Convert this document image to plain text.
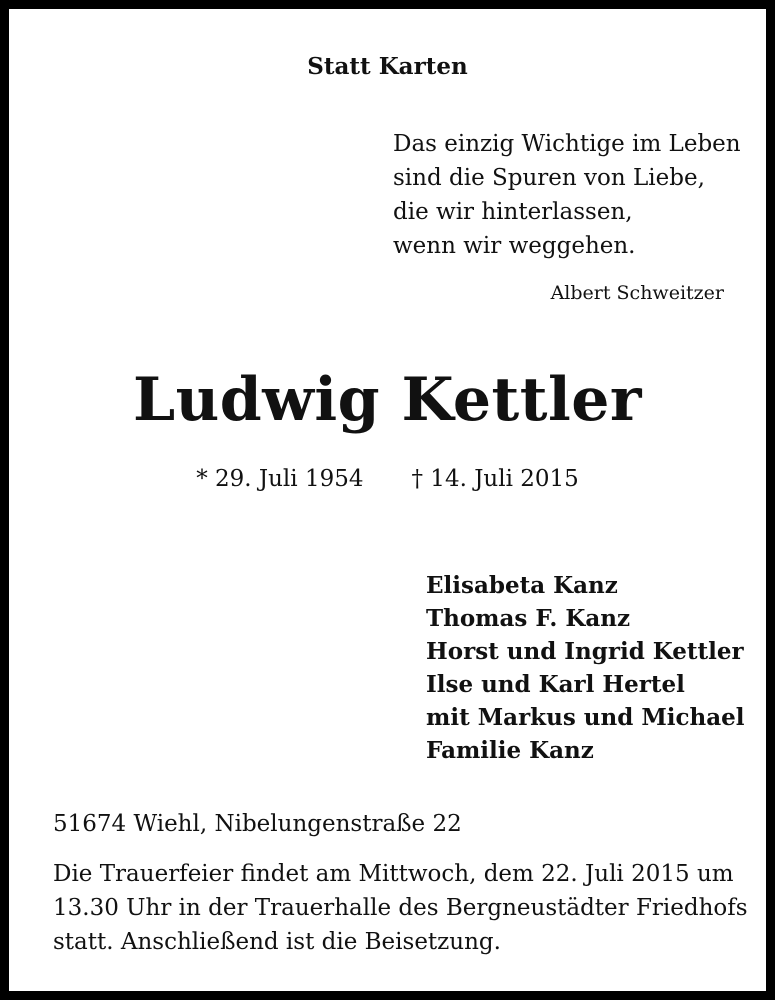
Statt Karten
Das einzig Wichtige im Leben
sind die Spuren von Liebe,
die wir hinterlassen,
wenn wir weggehen.
Albert Schweitzer
Ludwig Kettler
* 29. Juli 1954 † 14. Juli 2015
Elisabeta Kanz
Thomas F. Kanz
Horst und Ingrid Kettler
Ilse und Karl Hertel
mit Markus und Michael
Familie Kanz
51674 Wiehl, Nibelungenstraße 22
Die Trauerfeier findet am Mittwoch, dem 22. Juli 2015 um
13.30 Uhr in der Trauerhalle des Bergneustädter Friedhofs
statt. Anschließend ist die Beisetzung.
